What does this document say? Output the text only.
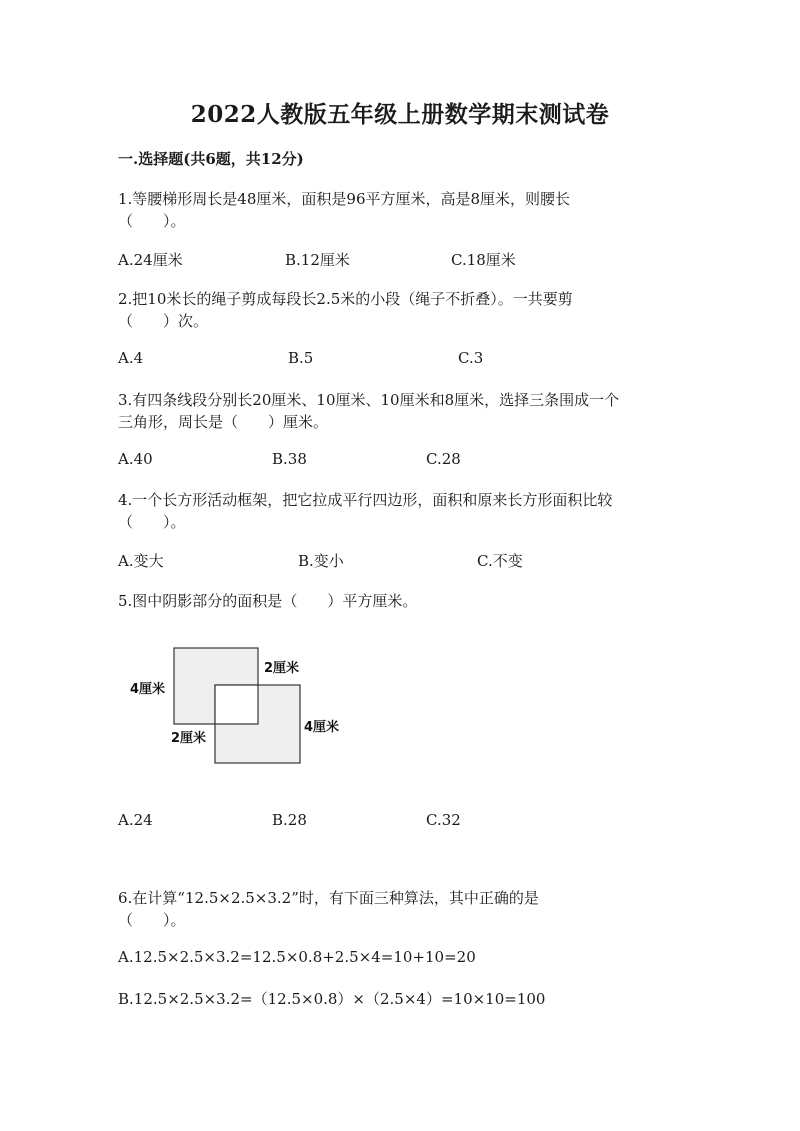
2022人教版五年级上册数学期末测试卷
一.选择题(共6题，共12分)
1.等腰梯形周长是48厘米，面积是96平方厘米，高是8厘米，则腰长
（　　）。
A.24厘米	B.12厘米	C.18厘米
2.把10米长的绳子剪成每段长2.5米的小段（绳子不折叠）。一共要剪
（　　）次。
A.4	B.5	C.3
3.有四条线段分别长20厘米、10厘米、10厘米和8厘米，选择三条围成一个
三角形，周长是（　　）厘米。
A.40	B.38	C.28
4.一个长方形活动框架，把它拉成平行四边形，面积和原来长方形面积比较
（　　）。
A.变大	B.变小	C.不变
5.图中阴影部分的面积是（　　）平方厘米。
4厘米
2厘米
2厘米
4厘米
A.24	B.28	C.32
6.在计算“12.5×2.5×3.2”时，有下面三种算法，其中正确的是
（　　）。
A.12.5×2.5×3.2=12.5×0.8+2.5×4=10+10=20
B.12.5×2.5×3.2=（12.5×0.8）×（2.5×4）=10×10=100
